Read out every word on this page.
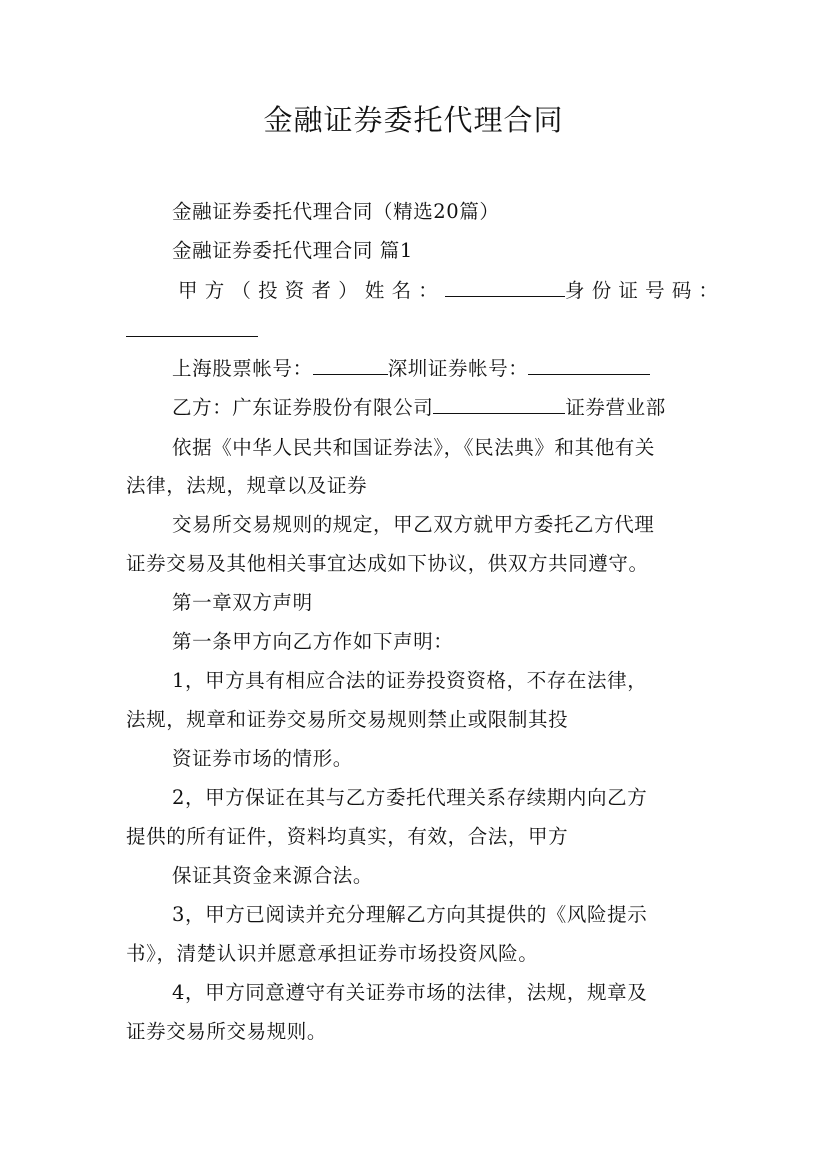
金融证券委托代理合同
金融证券委托代理合同（精选20篇）
金融证券委托代理合同 篇1
甲方（投资者）姓名：	身份证号码：
上海股票帐号：	深圳证券帐号：
乙方：广东证券股份有限公司	证券营业部
依据《中华人民共和国证券法》，《民法典》和其他有关
法律，法规，规章以及证券
交易所交易规则的规定，甲乙双方就甲方委托乙方代理
证券交易及其他相关事宜达成如下协议，供双方共同遵守。
第一章双方声明
第一条甲方向乙方作如下声明：
1，甲方具有相应合法的证券投资资格，不存在法律，
法规，规章和证券交易所交易规则禁止或限制其投
资证券市场的情形。
2，甲方保证在其与乙方委托代理关系存续期内向乙方
提供的所有证件，资料均真实，有效，合法，甲方
保证其资金来源合法。
3，甲方已阅读并充分理解乙方向其提供的《风险提示
书》，清楚认识并愿意承担证券市场投资风险。
4，甲方同意遵守有关证券市场的法律，法规，规章及
证券交易所交易规则。
